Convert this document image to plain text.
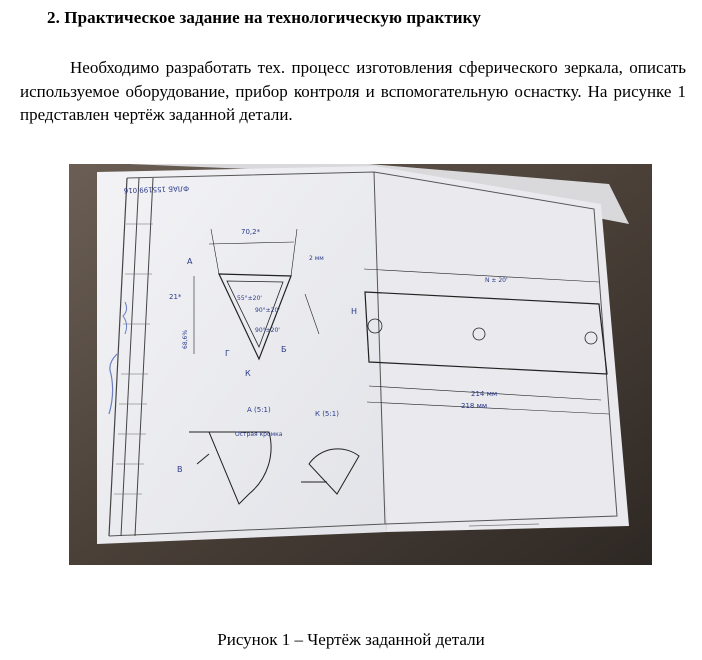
2. Практическое задание на технологическую практику
Необходимо разработать тех. процесс изготовления сферического зеркала, описать используемое оборудование, прибор контроля и вспомогательную оснастку. На рисунке 1 представлен чертёж заданной детали.
ФЛАБ 155199.016
70,2*
21*
68,6%
55°±20'
90°±20'
90°±20'
2 мм
А
Б
Г
К
А (5:1)
Острая кромка
В
К (5:1)
N ± 20'
214 мм
218 мм
Н
Рисунок 1 – Чертёж заданной детали
